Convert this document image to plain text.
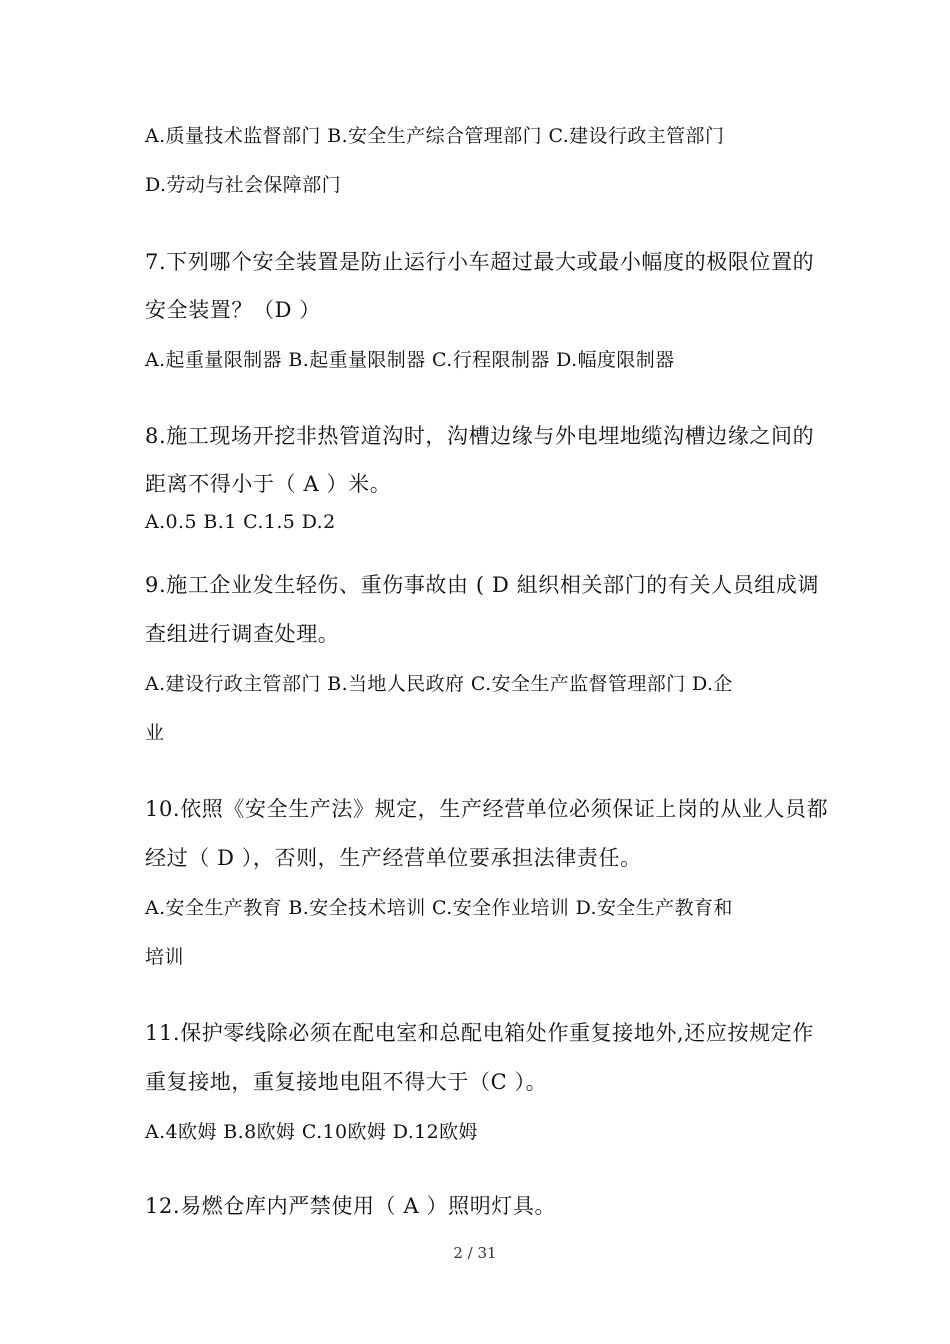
A.质量技术监督部门 B.安全生产综合管理部门 C.建设行政主管部门
D.劳动与社会保障部门
7.下列哪个安全装置是防止运行小车超过最大或最小幅度的极限位置的
安全装置？（D ）
A.起重量限制器 B.起重量限制器 C.行程限制器 D.幅度限制器
8.施工现场开挖非热管道沟时，沟槽边缘与外电埋地缆沟槽边缘之间的
距离不得小于（ A ）米。
A.0.5 B.1 C.1.5 D.2
9.施工企业发生轻伤、重伤事故由 ( D 組织相关部门的有关人员组成调
查组进行调查处理。
A.建设行政主管部门 B.当地人民政府 C.安全生产监督管理部门 D.企
业
10.依照《安全生产法》规定，生产经营单位必须保证上岗的从业人员都
经过（ D ），否则，生产经营单位要承担法律责任。
A.安全生产教育 B.安全技术培训 C.安全作业培训 D.安全生产教育和
培训
11.保护零线除必须在配电室和总配电箱处作重复接地外,还应按规定作
重复接地，重复接地电阻不得大于（C ）。
A.4欧姆 B.8欧姆 C.10欧姆 D.12欧姆
12.易燃仓库内严禁使用（ A ）照明灯具。
2 / 31
